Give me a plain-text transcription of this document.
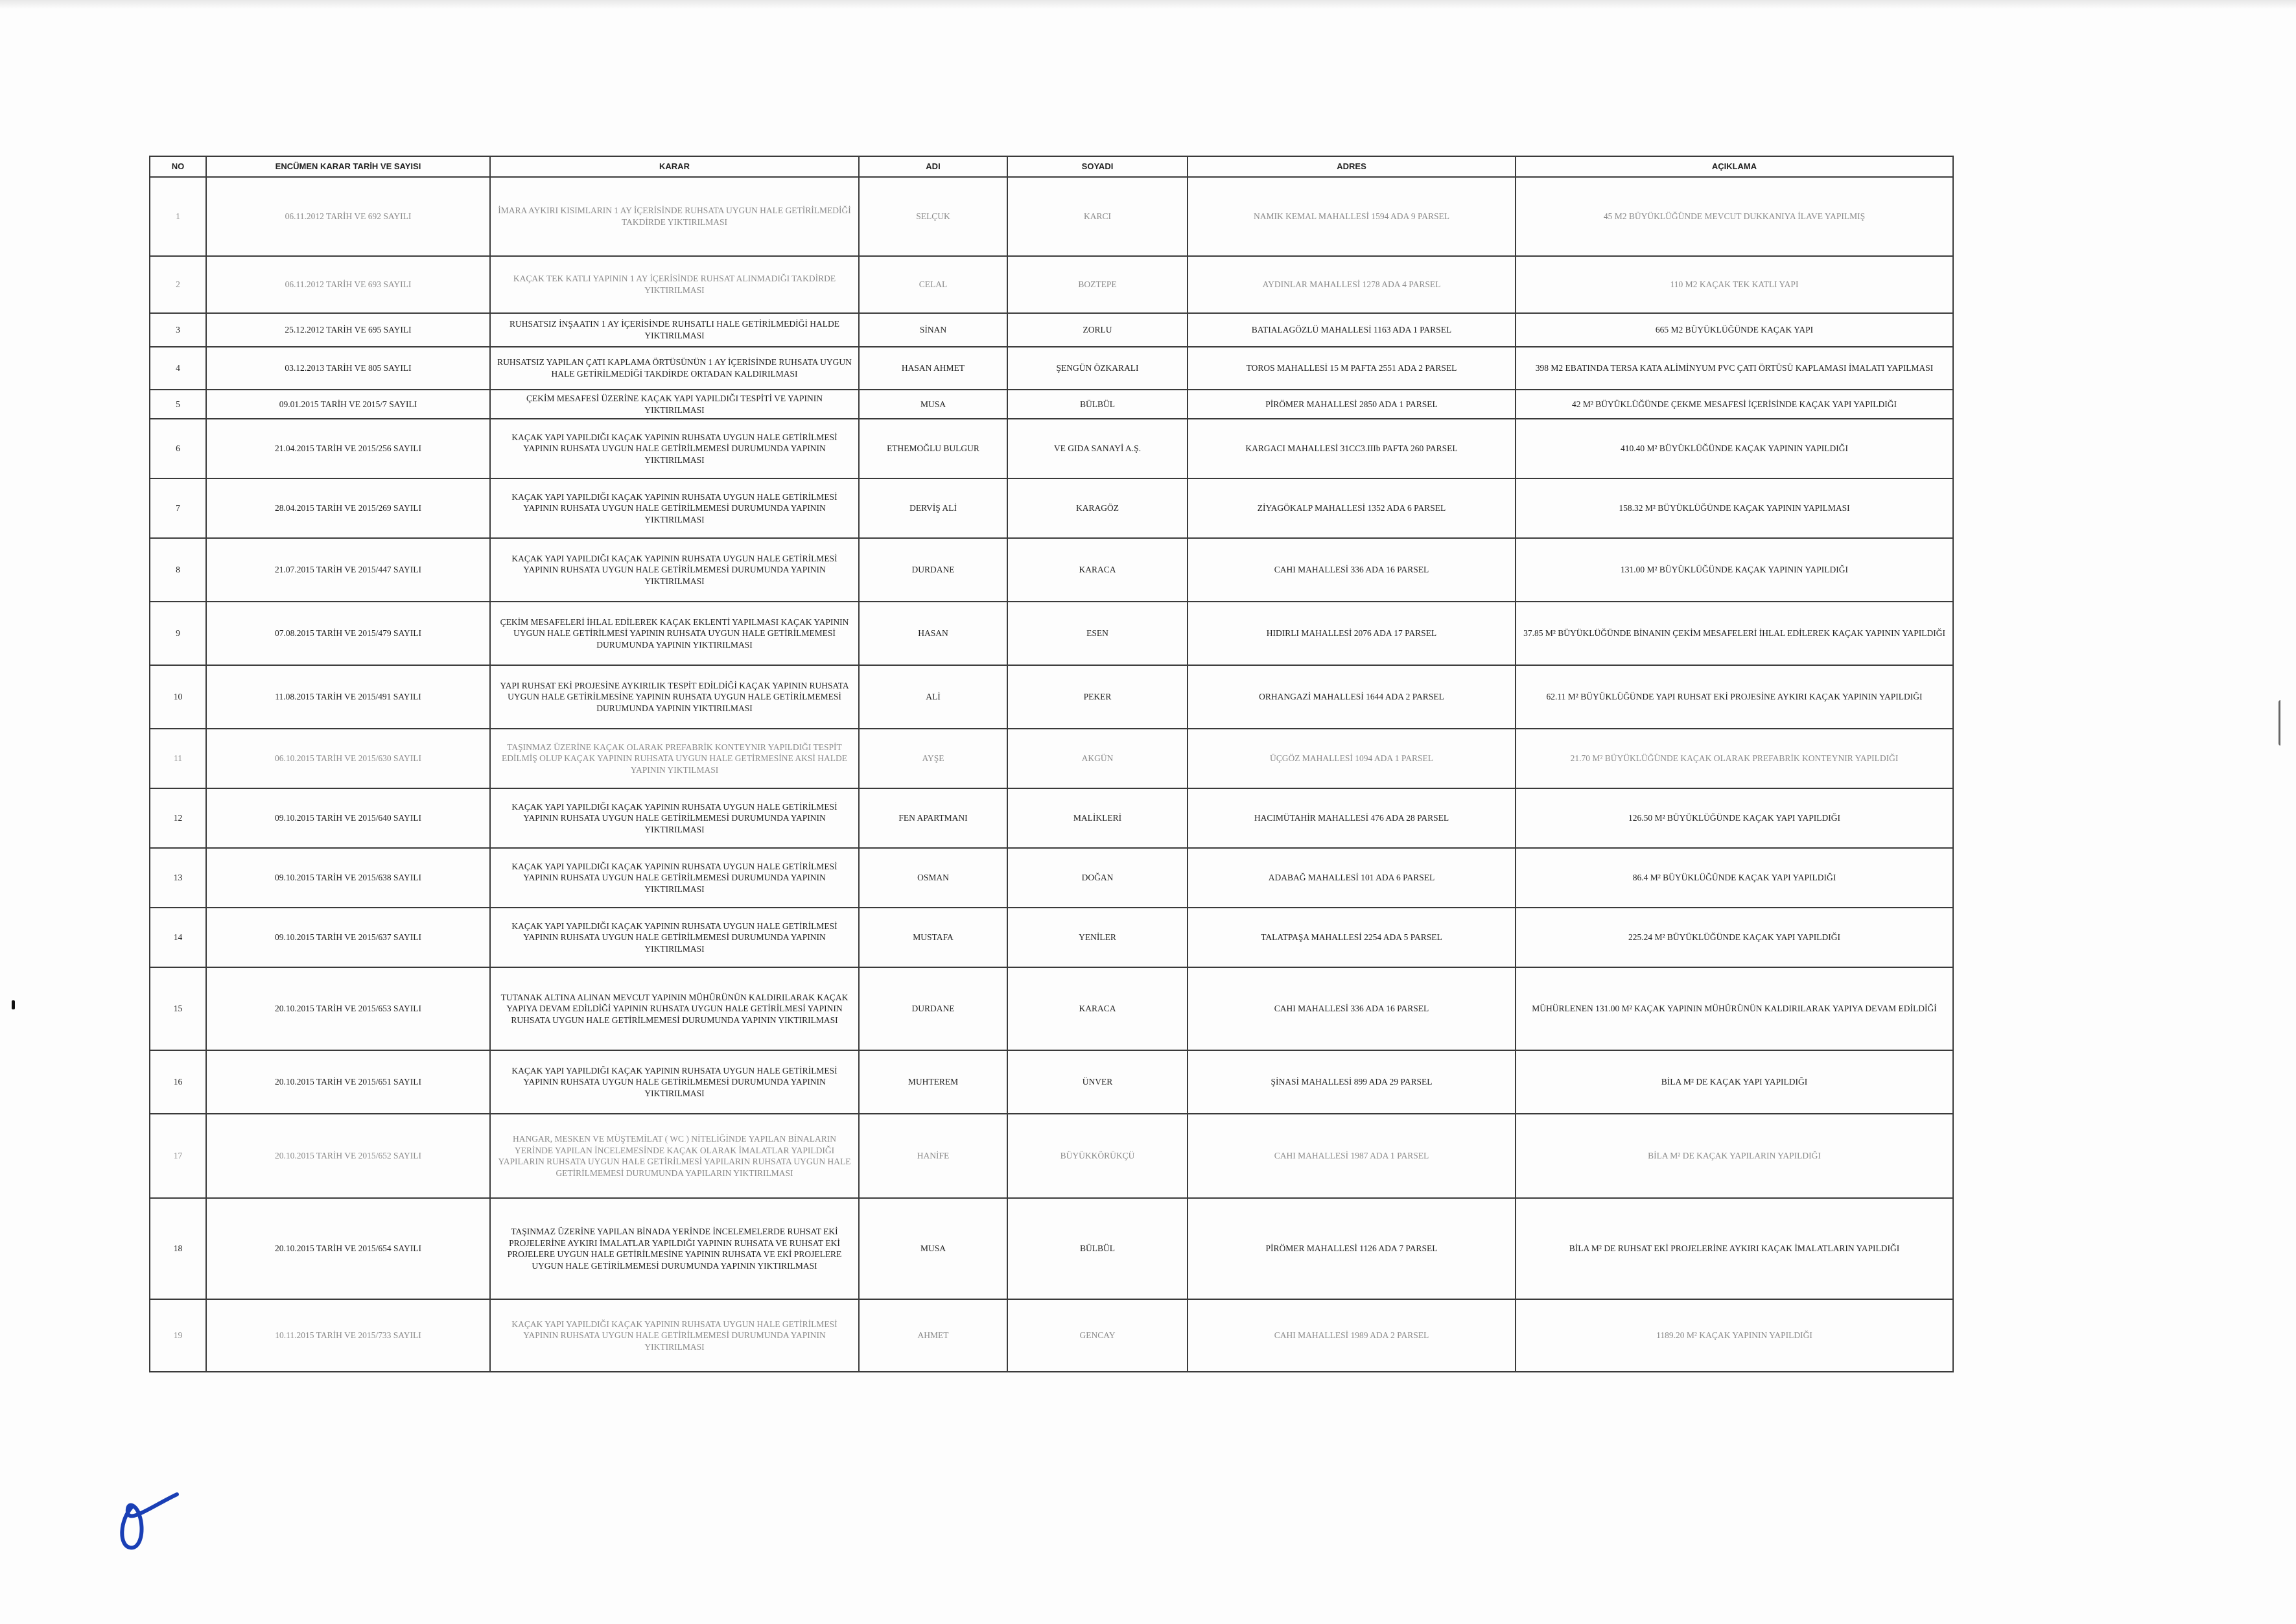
NO	ENCÜMEN KARAR TARİH VE SAYISI	KARAR	ADI	SOYADI	ADRES	AÇIKLAMA
1	06.11.2012 TARİH VE 692 SAYILI	İMARA AYKIRI KISIMLARIN 1 AY İÇERİSİNDE RUHSATA UYGUN HALE GETİRİLMEDİĞİ TAKDİRDE YIKTIRILMASI	SELÇUK	KARCI	NAMIK KEMAL MAHALLESİ 1594 ADA 9 PARSEL	45 M2 BÜYÜKLÜĞÜNDE MEVCUT DUKKANIYA İLAVE YAPILMIŞ
2	06.11.2012 TARİH VE 693 SAYILI	KAÇAK TEK KATLI YAPININ 1 AY İÇERİSİNDE RUHSAT ALINMADIĞI TAKDİRDE YIKTIRILMASI	CELAL	BOZTEPE	AYDINLAR MAHALLESİ 1278 ADA 4 PARSEL	110 M2 KAÇAK TEK KATLI YAPI
3	25.12.2012 TARİH VE 695 SAYILI	RUHSATSIZ İNŞAATIN 1 AY İÇERİSİNDE RUHSATLI HALE GETİRİLMEDİĞİ HALDE YIKTIRILMASI	SİNAN	ZORLU	BATIALAGÖZLÜ MAHALLESİ 1163 ADA 1 PARSEL	665 M2 BÜYÜKLÜĞÜNDE KAÇAK YAPI
4	03.12.2013 TARİH VE 805 SAYILI	RUHSATSIZ YAPILAN ÇATI KAPLAMA ÖRTÜSÜNÜN 1 AY İÇERİSİNDE RUHSATA UYGUN HALE GETİRİLMEDİĞİ TAKDİRDE ORTADAN KALDIRILMASI	HASAN AHMET	ŞENGÜN ÖZKARALI	TOROS MAHALLESİ 15 M PAFTA 2551 ADA 2 PARSEL	398 M2 EBATINDA TERSA KATA ALİMİNYUM PVC ÇATI ÖRTÜSÜ KAPLAMASI İMALATI YAPILMASI
5	09.01.2015 TARİH VE 2015/7 SAYILI	ÇEKİM MESAFESİ ÜZERİNE KAÇAK YAPI YAPILDIĞI TESPİTİ VE YAPININ YIKTIRILMASI	MUSA	BÜLBÜL	PİRÖMER MAHALLESİ 2850 ADA 1 PARSEL	42 M² BÜYÜKLÜĞÜNDE ÇEKME MESAFESİ İÇERİSİNDE KAÇAK YAPI YAPILDIĞI
6	21.04.2015 TARİH VE 2015/256 SAYILI	KAÇAK YAPI YAPILDIĞI KAÇAK YAPININ RUHSATA UYGUN HALE GETİRİLMESİ YAPININ RUHSATA UYGUN HALE GETİRİLMEMESİ DURUMUNDA YAPININ YIKTIRILMASI	ETHEMOĞLU BULGUR	VE GIDA SANAYİ A.Ş.	KARGACI MAHALLESİ 31CC3.IIIb PAFTA 260 PARSEL	410.40 M² BÜYÜKLÜĞÜNDE KAÇAK YAPININ YAPILDIĞI
7	28.04.2015 TARİH VE 2015/269 SAYILI	KAÇAK YAPI YAPILDIĞI KAÇAK YAPININ RUHSATA UYGUN HALE GETİRİLMESİ YAPININ RUHSATA UYGUN HALE GETİRİLMEMESİ DURUMUNDA YAPININ YIKTIRILMASI	DERVİŞ ALİ	KARAGÖZ	ZİYAGÖKALP MAHALLESİ 1352 ADA 6 PARSEL	158.32 M² BÜYÜKLÜĞÜNDE KAÇAK YAPININ YAPILMASI
8	21.07.2015 TARİH VE 2015/447 SAYILI	KAÇAK YAPI YAPILDIĞI KAÇAK YAPININ RUHSATA UYGUN HALE GETİRİLMESİ YAPININ RUHSATA UYGUN HALE GETİRİLMEMESİ DURUMUNDA YAPININ YIKTIRILMASI	DURDANE	KARACA	CAHI MAHALLESİ 336 ADA 16 PARSEL	131.00 M² BÜYÜKLÜĞÜNDE KAÇAK YAPININ YAPILDIĞI
9	07.08.2015 TARİH VE 2015/479 SAYILI	ÇEKİM MESAFELERİ İHLAL EDİLEREK KAÇAK EKLENTİ YAPILMASI KAÇAK YAPININ UYGUN HALE GETİRİLMESİ YAPININ RUHSATA UYGUN HALE GETİRİLMEMESİ DURUMUNDA YAPININ YIKTIRILMASI	HASAN	ESEN	HIDIRLI MAHALLESİ 2076 ADA 17 PARSEL	37.85 M² BÜYÜKLÜĞÜNDE BİNANIN ÇEKİM MESAFELERİ İHLAL EDİLEREK KAÇAK YAPININ YAPILDIĞI
10	11.08.2015 TARİH VE 2015/491 SAYILI	YAPI RUHSAT EKİ PROJESİNE AYKIRILIK TESPİT EDİLDİĞİ KAÇAK YAPININ RUHSATA UYGUN HALE GETİRİLMESİNE YAPININ RUHSATA UYGUN HALE GETİRİLMEMESİ DURUMUNDA YAPININ YIKTIRILMASI	ALİ	PEKER	ORHANGAZİ MAHALLESİ 1644 ADA 2 PARSEL	62.11 M² BÜYÜKLÜĞÜNDE YAPI RUHSAT EKİ PROJESİNE AYKIRI KAÇAK YAPININ YAPILDIĞI
11	06.10.2015 TARİH VE 2015/630 SAYILI	TAŞINMAZ ÜZERİNE KAÇAK OLARAK PREFABRİK KONTEYNIR YAPILDIĞI TESPİT EDİLMİŞ OLUP KAÇAK YAPININ RUHSATA UYGUN HALE GETİRMESİNE AKSİ HALDE YAPININ YIKTILMASI	AYŞE	AKGÜN	ÜÇGÖZ MAHALLESİ 1094 ADA 1 PARSEL	21.70 M² BÜYÜKLÜĞÜNDE KAÇAK OLARAK PREFABRİK KONTEYNIR YAPILDIĞI
12	09.10.2015 TARİH VE 2015/640 SAYILI	KAÇAK YAPI YAPILDIĞI KAÇAK YAPININ RUHSATA UYGUN HALE GETİRİLMESİ YAPININ RUHSATA UYGUN HALE GETİRİLMEMESİ DURUMUNDA YAPININ YIKTIRILMASI	FEN APARTMANI	MALİKLERİ	HACIMÜTAHİR MAHALLESİ 476 ADA 28 PARSEL	126.50 M² BÜYÜKLÜĞÜNDE KAÇAK YAPI YAPILDIĞI
13	09.10.2015 TARİH VE 2015/638 SAYILI	KAÇAK YAPI YAPILDIĞI KAÇAK YAPININ RUHSATA UYGUN HALE GETİRİLMESİ YAPININ RUHSATA UYGUN HALE GETİRİLMEMESİ DURUMUNDA YAPININ YIKTIRILMASI	OSMAN	DOĞAN	ADABAĞ MAHALLESİ 101 ADA 6 PARSEL	86.4 M² BÜYÜKLÜĞÜNDE KAÇAK YAPI YAPILDIĞI
14	09.10.2015 TARİH VE 2015/637 SAYILI	KAÇAK YAPI YAPILDIĞI KAÇAK YAPININ RUHSATA UYGUN HALE GETİRİLMESİ YAPININ RUHSATA UYGUN HALE GETİRİLMEMESİ DURUMUNDA YAPININ YIKTIRILMASI	MUSTAFA	YENİLER	TALATPAŞA MAHALLESİ 2254 ADA 5 PARSEL	225.24 M² BÜYÜKLÜĞÜNDE KAÇAK YAPI YAPILDIĞI
15	20.10.2015 TARİH VE 2015/653 SAYILI	TUTANAK ALTINA ALINAN MEVCUT YAPININ MÜHÜRÜNÜN KALDIRILARAK KAÇAK YAPIYA DEVAM EDİLDİĞİ YAPININ RUHSATA UYGUN HALE GETİRİLMESİ YAPININ RUHSATA UYGUN HALE GETİRİLMEMESİ DURUMUNDA YAPININ YIKTIRILMASI	DURDANE	KARACA	CAHI MAHALLESİ 336 ADA 16 PARSEL	MÜHÜRLENEN 131.00 M² KAÇAK YAPININ MÜHÜRÜNÜN KALDIRILARAK YAPIYA DEVAM EDİLDİĞİ
16	20.10.2015 TARİH VE 2015/651 SAYILI	KAÇAK YAPI YAPILDIĞI KAÇAK YAPININ RUHSATA UYGUN HALE GETİRİLMESİ YAPININ RUHSATA UYGUN HALE GETİRİLMEMESİ DURUMUNDA YAPININ YIKTIRILMASI	MUHTEREM	ÜNVER	ŞİNASİ MAHALLESİ 899 ADA 29 PARSEL	BİLA M² DE KAÇAK YAPI YAPILDIĞI
17	20.10.2015 TARİH VE 2015/652 SAYILI	HANGAR, MESKEN VE MÜŞTEMİLAT ( WC ) NİTELİĞİNDE YAPILAN BİNALARIN YERİNDE YAPILAN İNCELEMESİNDE KAÇAK OLARAK İMALATLAR YAPILDIĞI YAPILARIN RUHSATA UYGUN HALE GETİRİLMESİ YAPILARIN RUHSATA UYGUN HALE GETİRİLMEMESİ DURUMUNDA YAPILARIN YIKTIRILMASI	HANİFE	BÜYÜKKÖRÜKÇÜ	CAHI MAHALLESİ 1987 ADA 1 PARSEL	BİLA M² DE KAÇAK YAPILARIN YAPILDIĞI
18	20.10.2015 TARİH VE 2015/654 SAYILI	TAŞINMAZ ÜZERİNE YAPILAN BİNADA YERİNDE İNCELEMELERDE RUHSAT EKİ PROJELERİNE AYKIRI İMALATLAR YAPILDIĞI YAPININ RUHSATA VE RUHSAT EKİ PROJELERE UYGUN HALE GETİRİLMESİNE YAPININ RUHSATA VE EKİ PROJELERE UYGUN HALE GETİRİLMEMESİ DURUMUNDA YAPININ YIKTIRILMASI	MUSA	BÜLBÜL	PİRÖMER MAHALLESİ 1126 ADA 7 PARSEL	BİLA M² DE RUHSAT EKİ PROJELERİNE AYKIRI KAÇAK İMALATLARIN YAPILDIĞI
19	10.11.2015 TARİH VE 2015/733 SAYILI	KAÇAK YAPI YAPILDIĞI KAÇAK YAPININ RUHSATA UYGUN HALE GETİRİLMESİ YAPININ RUHSATA UYGUN HALE GETİRİLMEMESİ DURUMUNDA YAPININ YIKTIRILMASI	AHMET	GENCAY	CAHI MAHALLESİ 1989 ADA 2 PARSEL	1189.20 M² KAÇAK YAPININ YAPILDIĞI
